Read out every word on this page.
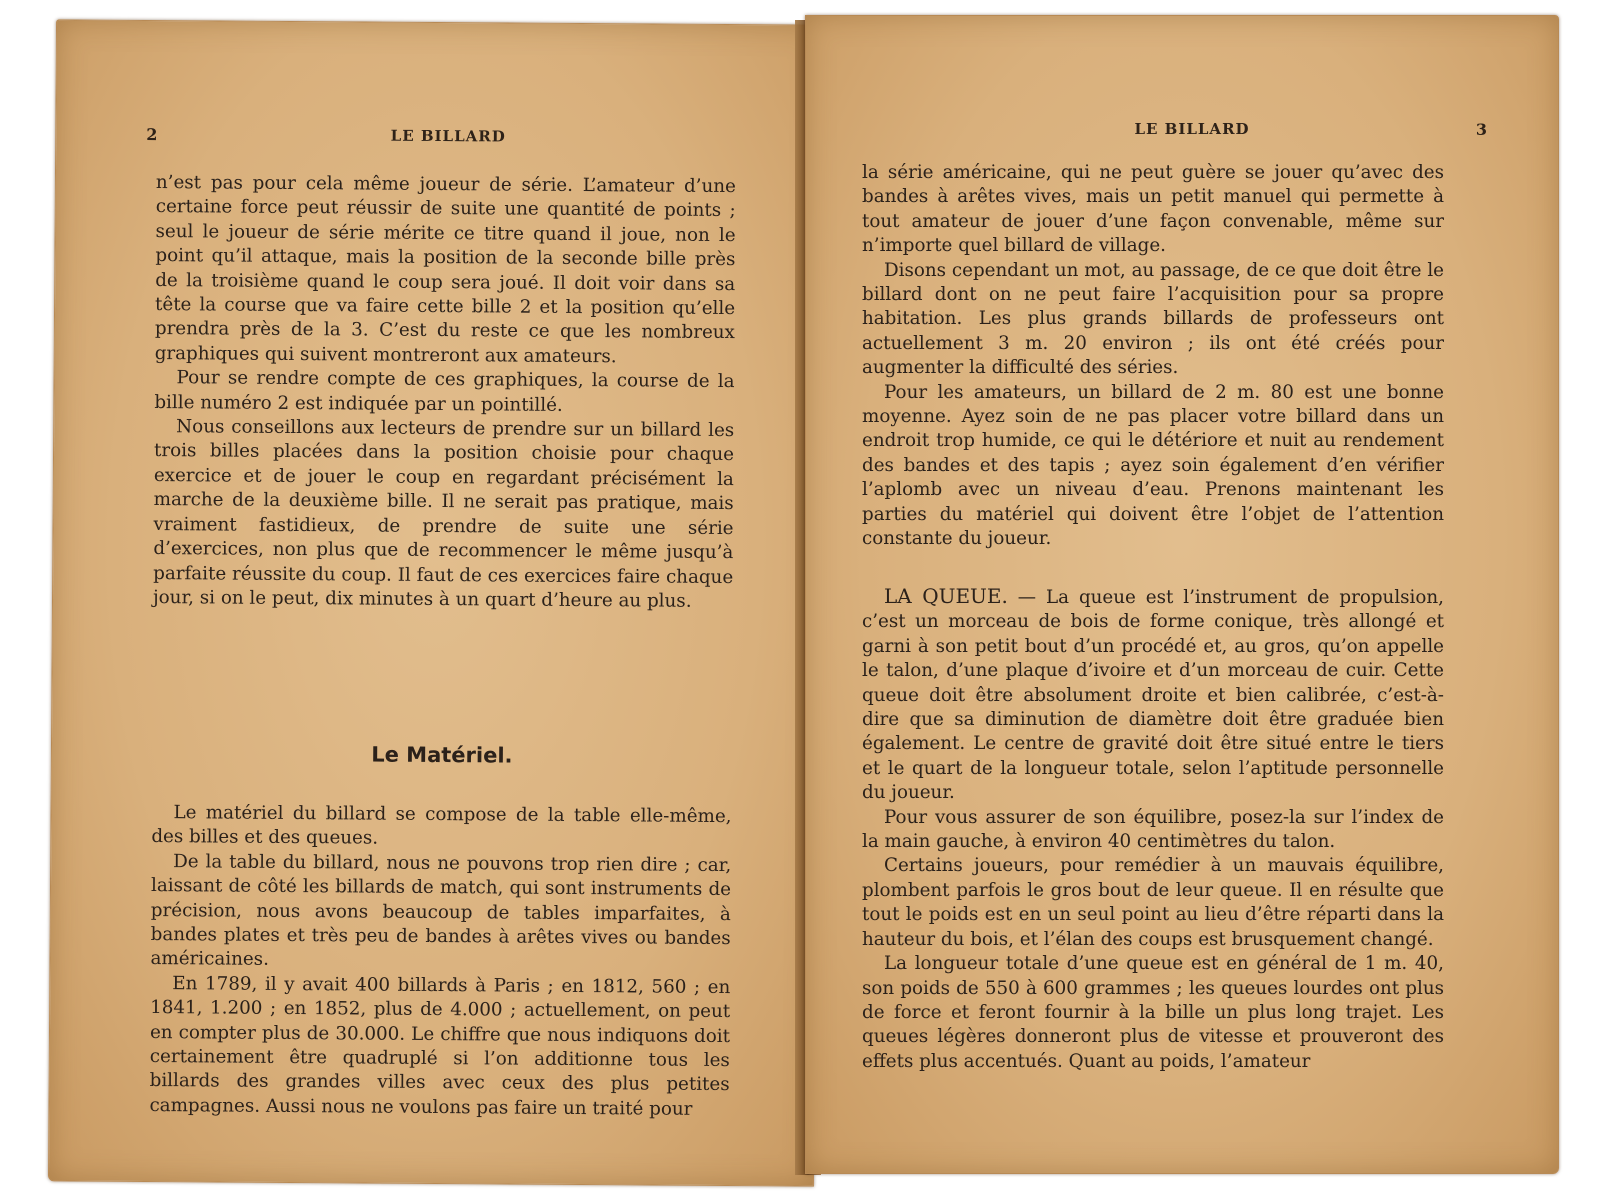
2	LE BILLARD

n’est pas pour cela même joueur de série. L’amateur d’une certaine force peut réussir de suite une quantité de points ; seul le joueur de série mérite ce titre quand il joue, non le point qu’il attaque, mais la position de la seconde bille près de la troisième quand le coup sera joué. Il doit voir dans sa tête la course que va faire cette bille 2 et la position qu’elle prendra près de la 3. C’est du reste ce que les nombreux graphiques qui suivent montreront aux amateurs.

Pour se rendre compte de ces graphiques, la course de la bille numéro 2 est indiquée par un pointillé.

Nous conseillons aux lecteurs de prendre sur un billard les trois billes placées dans la position choisie pour chaque exercice et de jouer le coup en regardant précisément la marche de la deuxième bille. Il ne serait pas pratique, mais vraiment fastidieux, de prendre de suite une série d’exercices, non plus que de recommencer le même jusqu’à parfaite réussite du coup. Il faut de ces exercices faire chaque jour, si on le peut, dix minutes à un quart d’heure au plus.

Le Matériel.

Le matériel du billard se compose de la table elle-même, des billes et des queues.

De la table du billard, nous ne pouvons trop rien dire ; car, laissant de côté les billards de match, qui sont instruments de précision, nous avons beaucoup de tables imparfaites, à bandes plates et très peu de bandes à arêtes vives ou bandes américaines.

En 1789, il y avait 400 billards à Paris ; en 1812, 560 ; en 1841, 1.200 ; en 1852, plus de 4.000 ; actuellement, on peut en compter plus de 30.000. Le chiffre que nous indiquons doit certainement être quadruplé si l’on additionne tous les billards des grandes villes avec ceux des plus petites campagnes. Aussi nous ne voulons pas faire un traité pour

LE BILLARD	3

la série américaine, qui ne peut guère se jouer qu’avec des bandes à arêtes vives, mais un petit manuel qui permette à tout amateur de jouer d’une façon convenable, même sur n’importe quel billard de village.

Disons cependant un mot, au passage, de ce que doit être le billard dont on ne peut faire l’acquisition pour sa propre habitation. Les plus grands billards de professeurs ont actuellement 3 m. 20 environ ; ils ont été créés pour augmenter la difficulté des séries.

Pour les amateurs, un billard de 2 m. 80 est une bonne moyenne. Ayez soin de ne pas placer votre billard dans un endroit trop humide, ce qui le détériore et nuit au rendement des bandes et des tapis ; ayez soin également d’en vérifier l’aplomb avec un niveau d’eau. Prenons maintenant les parties du matériel qui doivent être l’objet de l’attention constante du joueur.

LA QUEUE. — La queue est l’instrument de propulsion, c’est un morceau de bois de forme conique, très allongé et garni à son petit bout d’un procédé et, au gros, qu’on appelle le talon, d’une plaque d’ivoire et d’un morceau de cuir. Cette queue doit être absolument droite et bien calibrée, c’est-à-dire que sa diminution de diamètre doit être graduée bien également. Le centre de gravité doit être situé entre le tiers et le quart de la longueur totale, selon l’aptitude personnelle du joueur.

Pour vous assurer de son équilibre, posez-la sur l’index de la main gauche, à environ 40 centimètres du talon.

Certains joueurs, pour remédier à un mauvais équilibre, plombent parfois le gros bout de leur queue. Il en résulte que tout le poids est en un seul point au lieu d’être réparti dans la hauteur du bois, et l’élan des coups est brusquement changé.

La longueur totale d’une queue est en général de 1 m. 40, son poids de 550 à 600 grammes ; les queues lourdes ont plus de force et feront fournir à la bille un plus long trajet. Les queues légères donneront plus de vitesse et prouveront des effets plus accentués. Quant au poids, l’amateur
